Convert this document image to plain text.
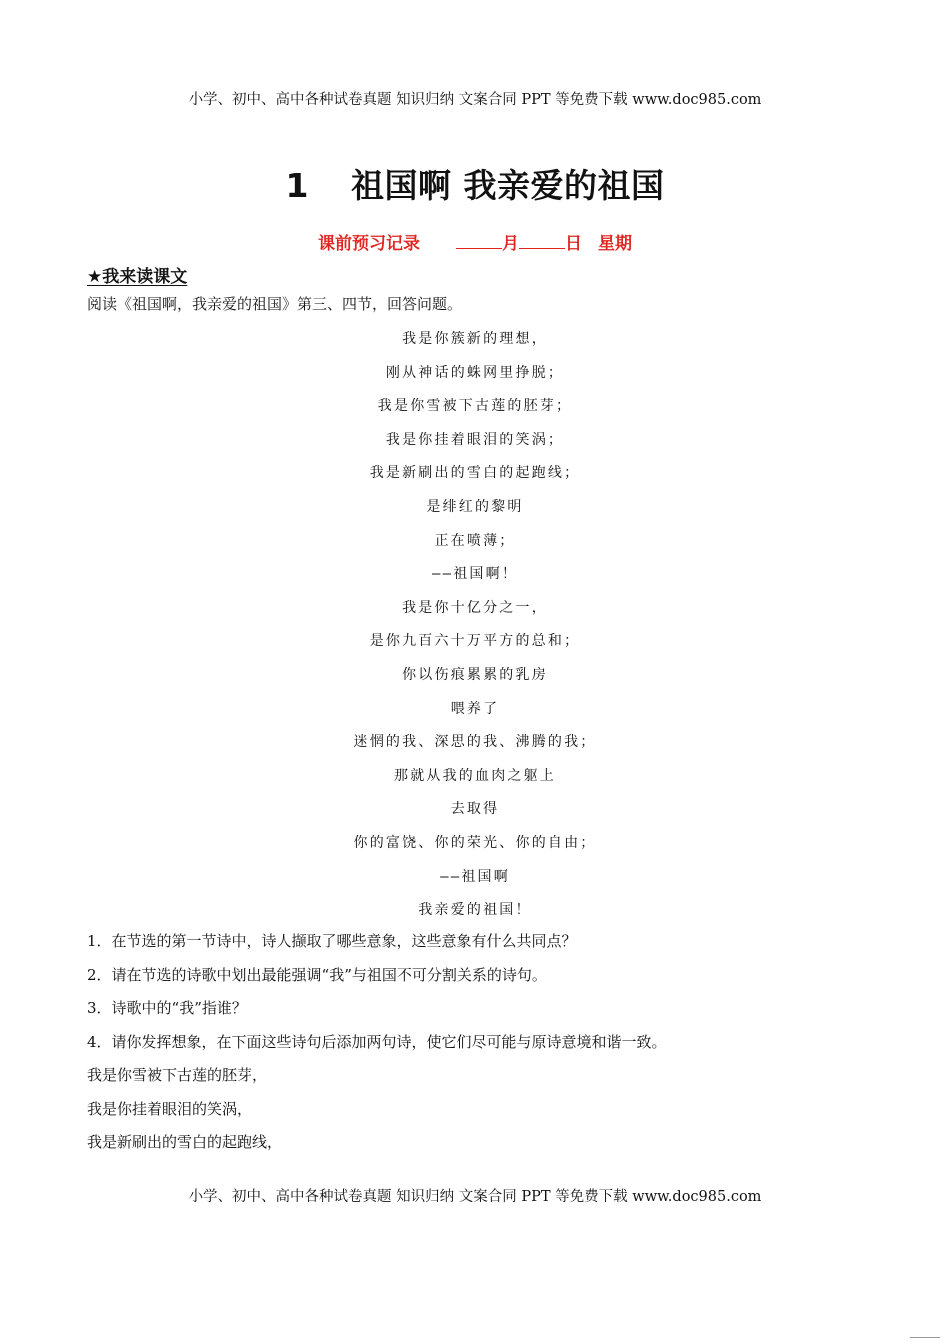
小学、初中、高中各种试卷真题 知识归纳 文案合同 PPT 等免费下载 www.doc985.com
1 祖国啊 我亲爱的祖国
课前预习记录	月	日 星期
★我来读课文
阅读《祖国啊，我亲爱的祖国》第三、四节，回答问题。
我是你簇新的理想，
刚从神话的蛛网里挣脱；
我是你雪被下古莲的胚芽；
我是你挂着眼泪的笑涡；
我是新刷出的雪白的起跑线；
是绯红的黎明
正在喷薄；
——祖国啊！
我是你十亿分之一，
是你九百六十万平方的总和；
你以伤痕累累的乳房
喂养了
迷惘的我、深思的我、沸腾的我；
那就从我的血肉之躯上
去取得
你的富饶、你的荣光、你的自由；
——祖国啊
我亲爱的祖国！
1．在节选的第一节诗中，诗人撷取了哪些意象，这些意象有什么共同点？
2．请在节选的诗歌中划出最能强调“我”与祖国不可分割关系的诗句。
3．诗歌中的“我”指谁？
4．请你发挥想象，在下面这些诗句后添加两句诗，使它们尽可能与原诗意境和谐一致。
我是你雪被下古莲的胚芽，
我是你挂着眼泪的笑涡，
我是新刷出的雪白的起跑线，
小学、初中、高中各种试卷真题 知识归纳 文案合同 PPT 等免费下载 www.doc985.com
